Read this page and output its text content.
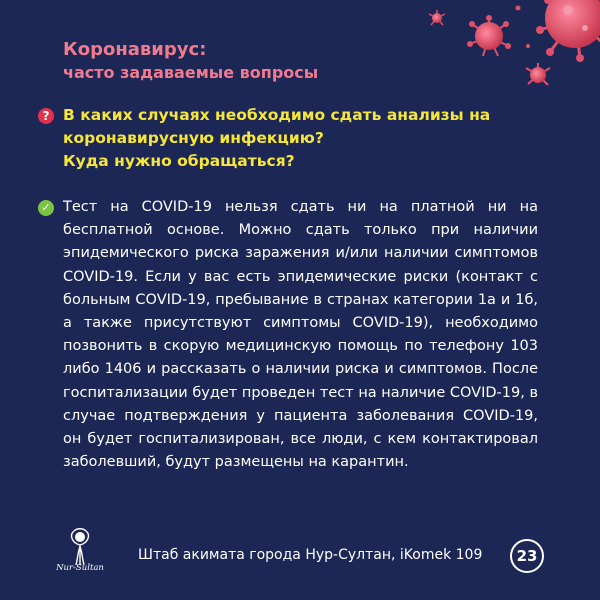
Коронавирус:
часто задаваемые вопросы
? В каких случаях необходимо сдать анализы на
коронавирусную инфекцию?
Куда нужно обращаться?
✓ Тест на COVID-19 нельзя сдать ни на платной ни на бесплатной основе. Можно сдать только при наличии эпидемического риска заражения и/или наличии симптомов COVID-19. Если у вас есть эпидемические риски (контакт с больным COVID-19, пребывание в странах категории 1а и 1б, а также присутствуют симптомы COVID-19), необходимо позвонить в скорую медицинскую помощь по телефону 103 либо 1406 и рассказать о наличии риска и симптомов. После госпитализации будет проведен тест на наличие COVID-19, в случае подтверждения у пациента заболевания COVID-19, он будет госпитализирован, все люди, с кем контактировал заболевший, будут размещены на карантин.
Nur-Sultan
Штаб акимата города Нур-Султан, iKomek 109	23
